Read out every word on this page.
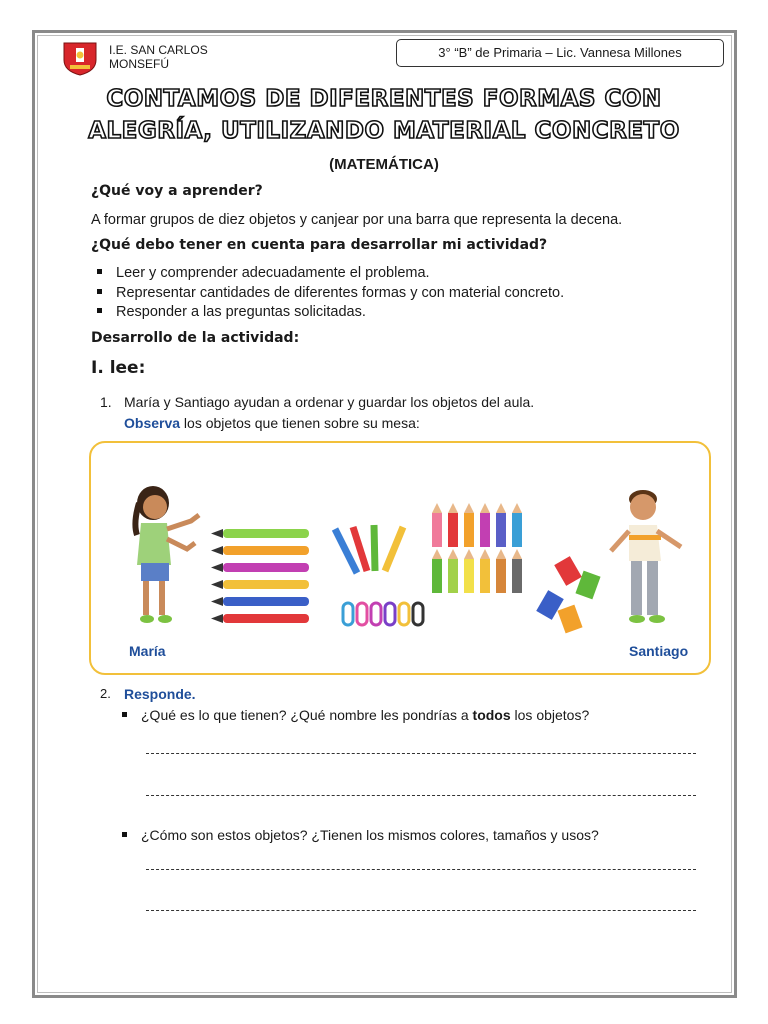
I.E. SAN CARLOS
MONSEFÚ
3° “B” de Primaria – Lic. Vannesa Millones
CONTAMOS DE DIFERENTES FORMAS CON
ALEGRÍA, UTILIZANDO MATERIAL CONCRETO
(MATEMÁTICA)
¿Qué voy a aprender?
A formar grupos de diez objetos y canjear por una barra que representa la decena.
¿Qué debo tener en cuenta para desarrollar mi actividad?
Leer y comprender adecuadamente el problema.
Representar cantidades de diferentes formas y con material concreto.
Responder a las preguntas solicitadas.
Desarrollo de la actividad:
I. lee:
1. María y Santiago ayudan a ordenar y guardar los objetos del aula.
Observa los objetos que tienen sobre su mesa:
María	Santiago
2. Responde.
¿Qué es lo que tienen? ¿Qué nombre les pondrías a todos los objetos?
¿Cómo son estos objetos? ¿Tienen los mismos colores, tamaños y usos?
